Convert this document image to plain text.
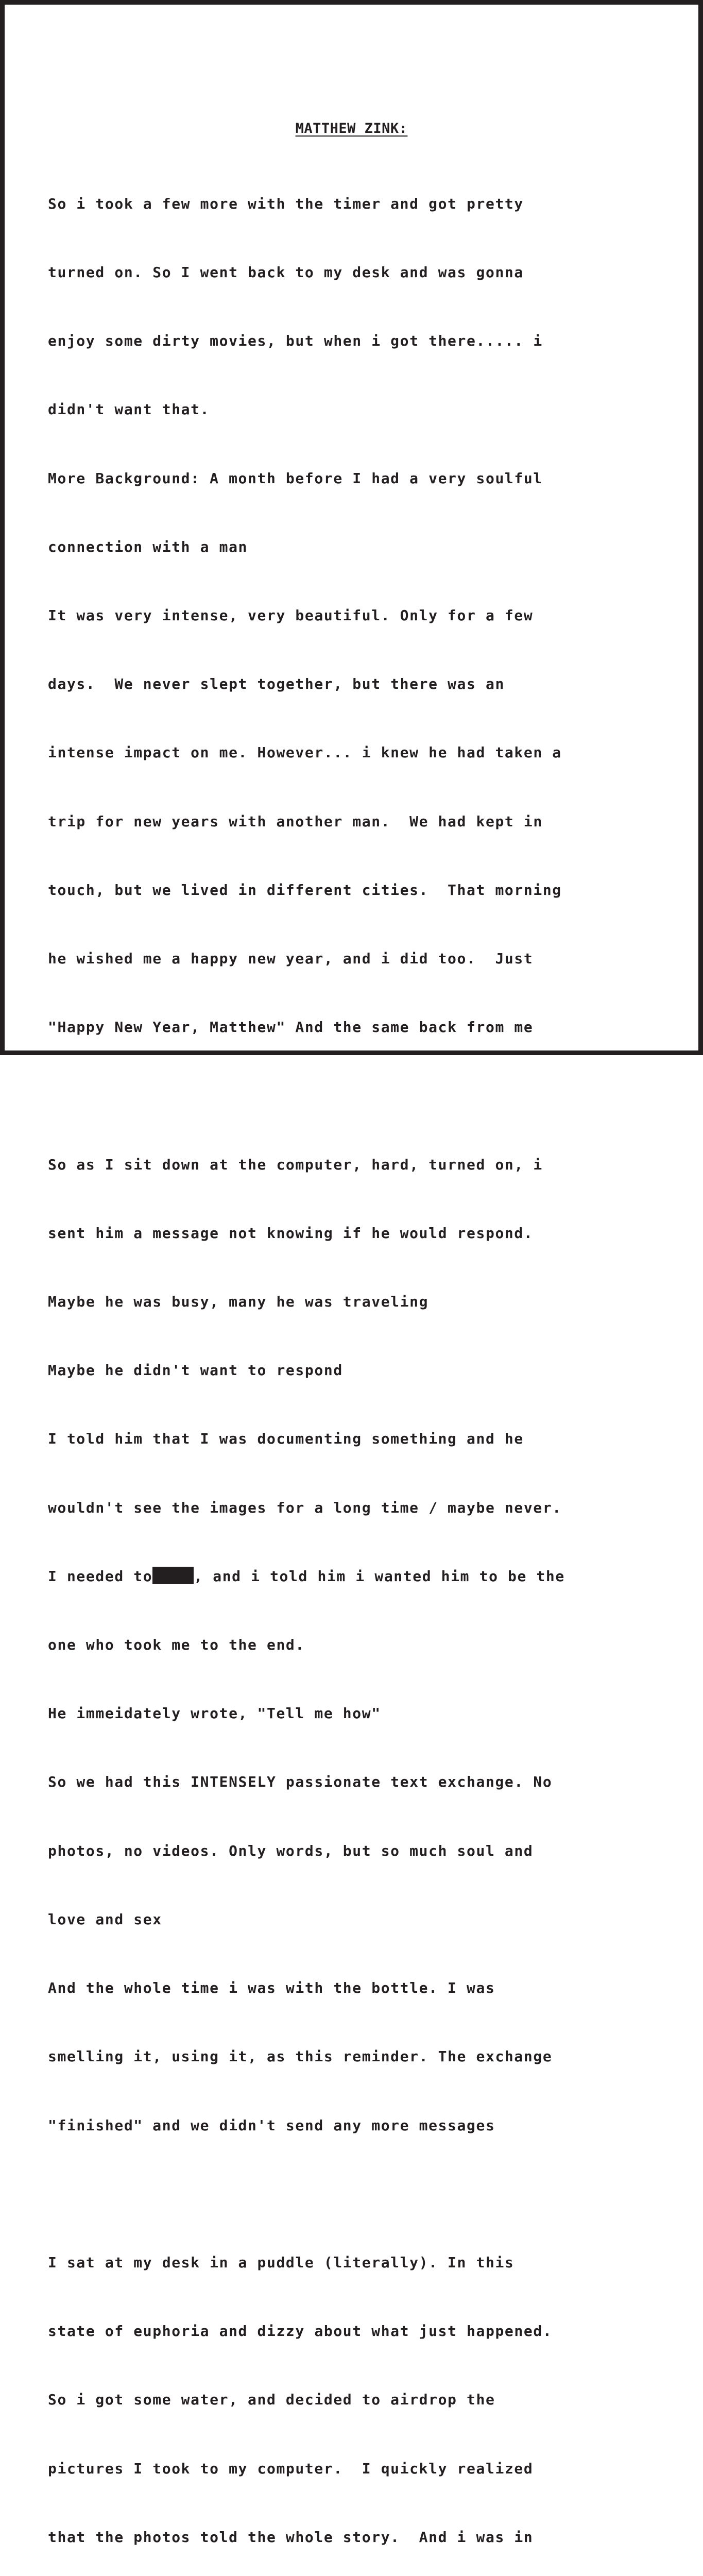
MATTHEW ZINK:

So i took a few more with the timer and got pretty

turned on. So I went back to my desk and was gonna

enjoy some dirty movies, but when i got there..... i

didn't want that.

More Background: A month before I had a very soulful

connection with a man

It was very intense, very beautiful. Only for a few

days.  We never slept together, but there was an

intense impact on me. However... i knew he had taken a

trip for new years with another man.  We had kept in

touch, but we lived in different cities.  That morning

he wished me a happy new year, and i did too.  Just

"Happy New Year, Matthew" And the same back from me

So as I sit down at the computer, hard, turned on, i

sent him a message not knowing if he would respond.

Maybe he was busy, many he was traveling

Maybe he didn't want to respond

I told him that I was documenting something and he

wouldn't see the images for a long time / maybe never.

I needed to	, and i told him i wanted him to be the

one who took me to the end.

He immeidately wrote, "Tell me how"

So we had this INTENSELY passionate text exchange. No

photos, no videos. Only words, but so much soul and

love and sex

And the whole time i was with the bottle. I was

smelling it, using it, as this reminder. The exchange

"finished" and we didn't send any more messages

I sat at my desk in a puddle (literally). In this

state of euphoria and dizzy about what just happened.

So i got some water, and decided to airdrop the

pictures I took to my computer.  I quickly realized

that the photos told the whole story.  And i was in
